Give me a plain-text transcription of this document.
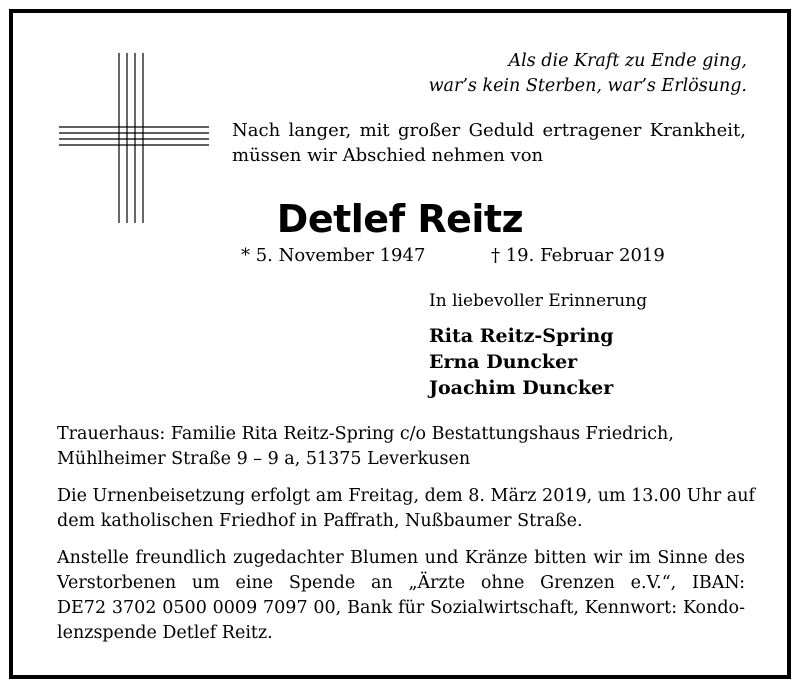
Als die Kraft zu Ende ging,
war’s kein Sterben, war’s Erlösung.
Nach langer, mit großer Geduld ertragener Krankheit,
müssen wir Abschied nehmen von
Detlef Reitz
* 5. November 1947	† 19. Februar 2019
In liebevoller Erinnerung
Rita Reitz-Spring
Erna Duncker
Joachim Duncker
Trauerhaus: Familie Rita Reitz-Spring c/o Bestattungshaus Friedrich,
Mühlheimer Straße 9 – 9 a, 51375 Leverkusen
Die Urnenbeisetzung erfolgt am Freitag, dem 8. März 2019, um 13.00 Uhr auf
dem katholischen Friedhof in Paffrath, Nußbaumer Straße.
Anstelle freundlich zugedachter Blumen und Kränze bitten wir im Sinne des
Verstorbenen um eine Spende an „Ärzte ohne Grenzen e.V.“, IBAN:
DE72 3702 0500 0009 7097 00, Bank für Sozialwirtschaft, Kennwort: Kondo-
lenzspende Detlef Reitz.
